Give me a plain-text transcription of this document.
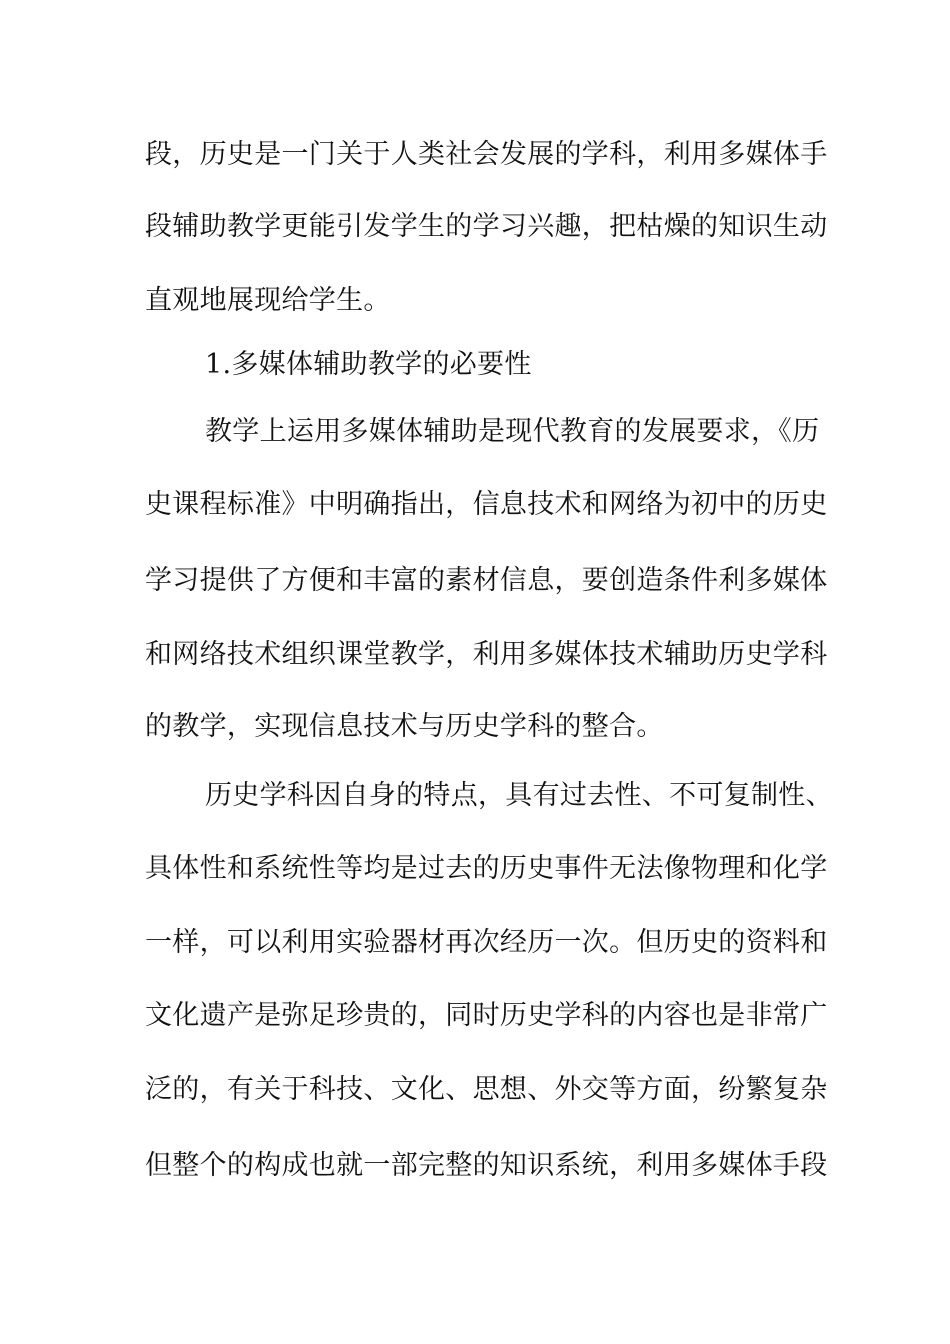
段，历史是一门关于人类社会发展的学科，利用多媒体手
段辅助教学更能引发学生的学习兴趣，把枯燥的知识生动
直观地展现给学生。
1.多媒体辅助教学的必要性
教学上运用多媒体辅助是现代教育的发展要求，《历
史课程标准》中明确指出，信息技术和网络为初中的历史
学习提供了方便和丰富的素材信息，要创造条件利多媒体
和网络技术组织课堂教学，利用多媒体技术辅助历史学科
的教学，实现信息技术与历史学科的整合。
历史学科因自身的特点，具有过去性、不可复制性、
具体性和系统性等均是过去的历史事件无法像物理和化学
一样，可以利用实验器材再次经历一次。但历史的资料和
文化遗产是弥足珍贵的，同时历史学科的内容也是非常广
泛的，有关于科技、文化、思想、外交等方面，纷繁复杂
但整个的构成也就一部完整的知识系统，利用多媒体手段
